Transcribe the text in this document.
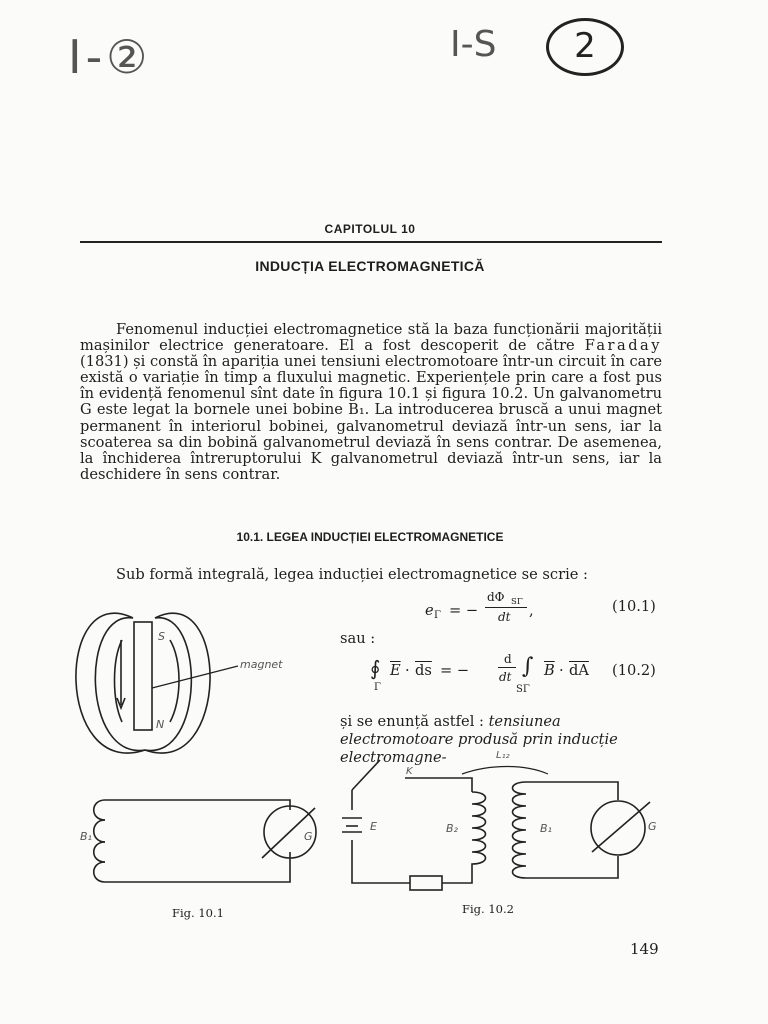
I-②	I-S	2
CAPITOLUL 10
INDUCȚIA ELECTROMAGNETICĂ
Fenomenul inducției electromagnetice stă la baza funcționării majorității mașinilor electrice generatoare. El a fost descoperit de către Faraday (1831) și constă în apariția unei tensiuni electromotoare într-un circuit în care există o variație în timp a fluxului magnetic. Experiențele prin care a fost pus în evidență fenomenul sînt date în figura 10.1 și figura 10.2. Un galvanometru G este legat la bornele unei bobine B₁. La introducerea bruscă a unui magnet permanent în interiorul bobinei, galvanometrul deviază într-un sens, iar la scoaterea sa din bobină galvanometrul deviază în sens contrar. De asemenea, la închiderea întreruptorului K galvanometrul deviază într-un sens, iar la deschidere în sens contrar.
10.1. LEGEA INDUCȚIEI ELECTROMAGNETICE
Sub formă integrală, legea inducției electromagnetice se scrie :
e Γ = −
dΦ SΓ
dt ,	(10.1)
sau :
∮
Γ
$\overline{E} \cdot \overline{ds}$ = −
d
dt ∫
SΓ
$\overline{B} \cdot \overline{dA}$ (10.2)
și se enunță astfel : tensiunea electromotoare produsă prin inducție electromagne-
S
N
magnet
B₁	G
Fig. 10.1
K
L₁₂
E	B₂	B₁	G
Fig. 10.2
149
